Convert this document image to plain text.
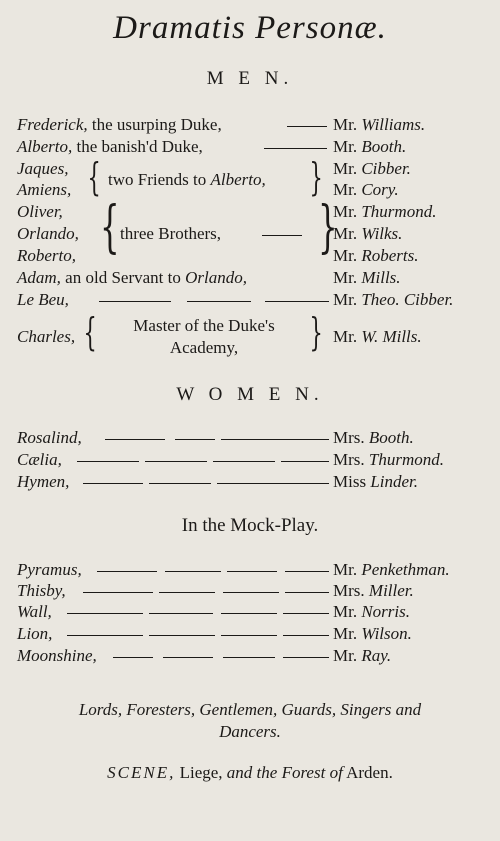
Dramatis Personæ.
M E N.
Frederick, the usurping Duke,	Mr. Williams.
Alberto, the banish'd Duke,	Mr. Booth.
Jaques,	Mr. Cibber.
Amiens,	Mr. Cory.
{ two Friends to Alberto, }
Oliver,	Mr. Thurmond.
Orlando,	Mr. Wilks.
Roberto,	Mr. Roberts.
{ three Brothers, }
Adam, an old Servant to Orlando,	Mr. Mills.
Le Beu,	Mr. Theo. Cibber.
Charles,	Mr. W. Mills.
{	Master of the Duke's
Academy,	}
W O M E N.
Rosalind,	Mrs. Booth.
Cælia,	Mrs. Thurmond.
Hymen,	Miss Linder.
In the Mock-Play.
Pyramus,	Mr. Penkethman.
Thisby,	Mrs. Miller.
Wall,	Mr. Norris.
Lion,	Mr. Wilson.
Moonshine,	Mr. Ray.
Lords, Foresters, Gentlemen, Guards, Singers and
Dancers.
SCENE, Liege, and the Forest of Arden.
